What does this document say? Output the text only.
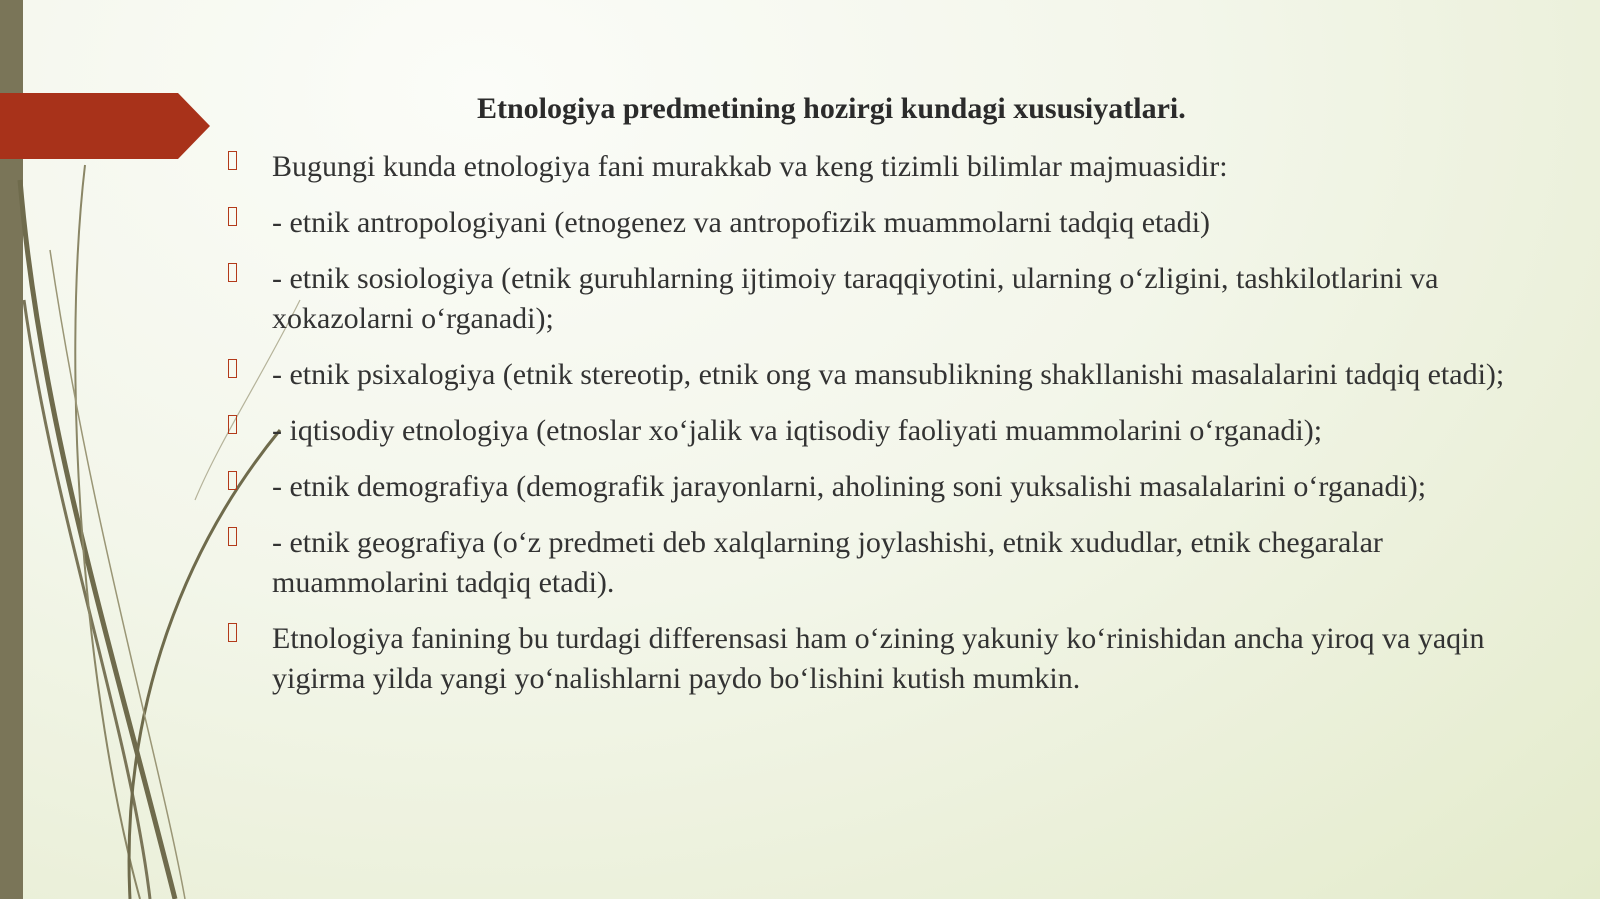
Etnologiya predmetining hozirgi kundagi xususiyatlari.
Bugungi kunda etnologiya fani murakkab va keng tizimli bilimlar majmuasidir:
- etnik antropologiyani (etnogenez va antropofizik muammolarni tadqiq etadi)
- etnik sosiologiya (etnik guruhlarning ijtimoiy taraqqiyotini, ularning o‘zligini, tashkilotlarini va xokazolarni o‘rganadi);
- etnik psixalogiya (etnik stereotip, etnik ong va mansublikning shakllanishi masalalarini tadqiq etadi);
- iqtisodiy etnologiya (etnoslar xo‘jalik va iqtisodiy faoliyati muammolarini o‘rganadi);
- etnik demografiya (demografik jarayonlarni, aholining soni yuksalishi masalalarini o‘rganadi);
- etnik geografiya (o‘z predmeti deb xalqlarning joylashishi, etnik xududlar, etnik chegaralar muammolarini tadqiq etadi).
Etnologiya fanining bu turdagi differensasi ham o‘zining yakuniy ko‘rinishidan ancha yiroq va yaqin yigirma yilda yangi yo‘nalishlarni paydo bo‘lishini kutish mumkin.
